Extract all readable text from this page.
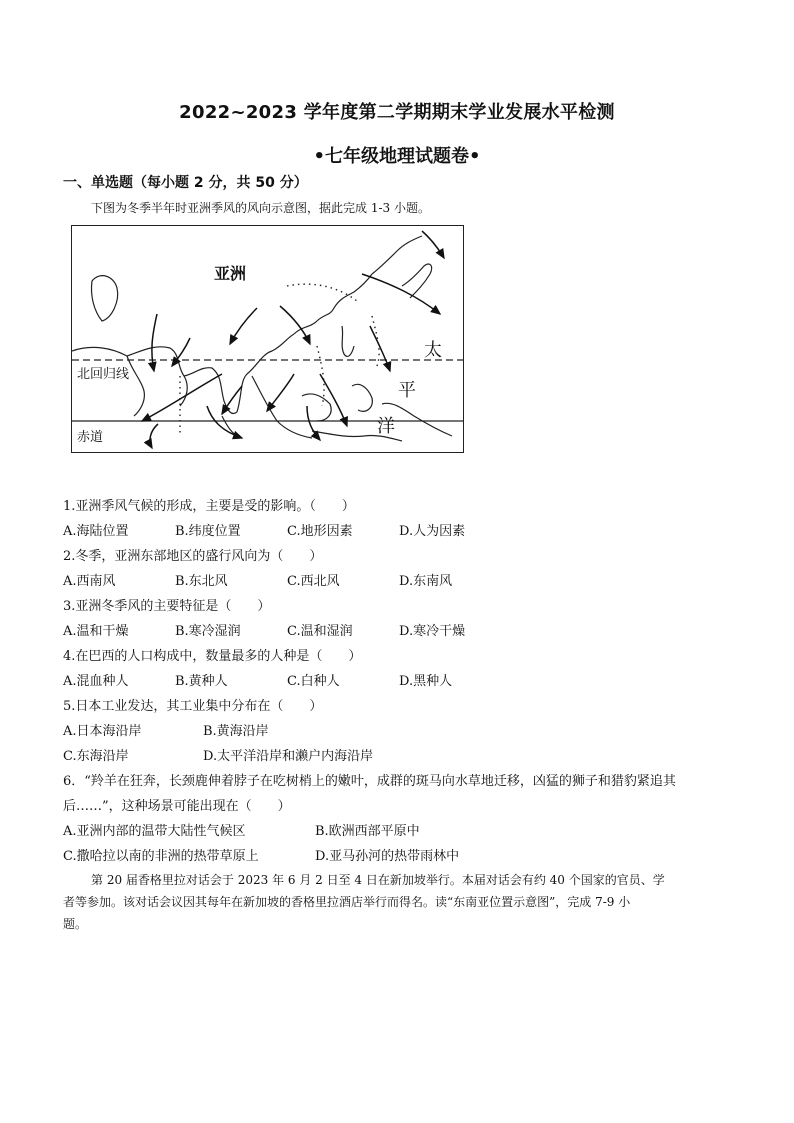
2022~2023 学年度第二学期期末学业发展水平检测
•七年级地理试题卷•
一、单选题（每小题 2 分，共 50 分）
下图为冬季半年时亚洲季风的风向示意图，据此完成 1-3 小题。
亚洲
北回归线
赤道
太
平
洋
1.亚洲季风气候的形成，主要是受的影响。（　　）
A.海陆位置	B.纬度位置	C.地形因素	D.人为因素
2.冬季，亚洲东部地区的盛行风向为（　　）
A.西南风	B.东北风	C.西北风	D.东南风
3.亚洲冬季风的主要特征是（　　）
A.温和干燥	B.寒冷湿润	C.温和湿润	D.寒冷干燥
4.在巴西的人口构成中，数量最多的人种是（　　）
A.混血种人	B.黄种人	C.白种人	D.黑种人
5.日本工业发达，其工业集中分布在（　　）
A.日本海沿岸	B.黄海沿岸
C.东海沿岸	D.太平洋沿岸和濑户内海沿岸
6．“羚羊在狂奔，长颈鹿伸着脖子在吃树梢上的嫩叶，成群的斑马向水草地迁移，凶猛的狮子和猎豹紧追其
后……”，这种场景可能出现在（　　）
A.亚洲内部的温带大陆性气候区	B.欧洲西部平原中
C.撒哈拉以南的非洲的热带草原上	D.亚马孙河的热带雨林中
第 20 届香格里拉对话会于 2023 年 6 月 2 日至 4 日在新加坡举行。本届对话会有约 40 个国家的官员、学
者等参加。该对话会议因其每年在新加坡的香格里拉酒店举行而得名。读“东南亚位置示意图”，完成 7-9 小
题。
